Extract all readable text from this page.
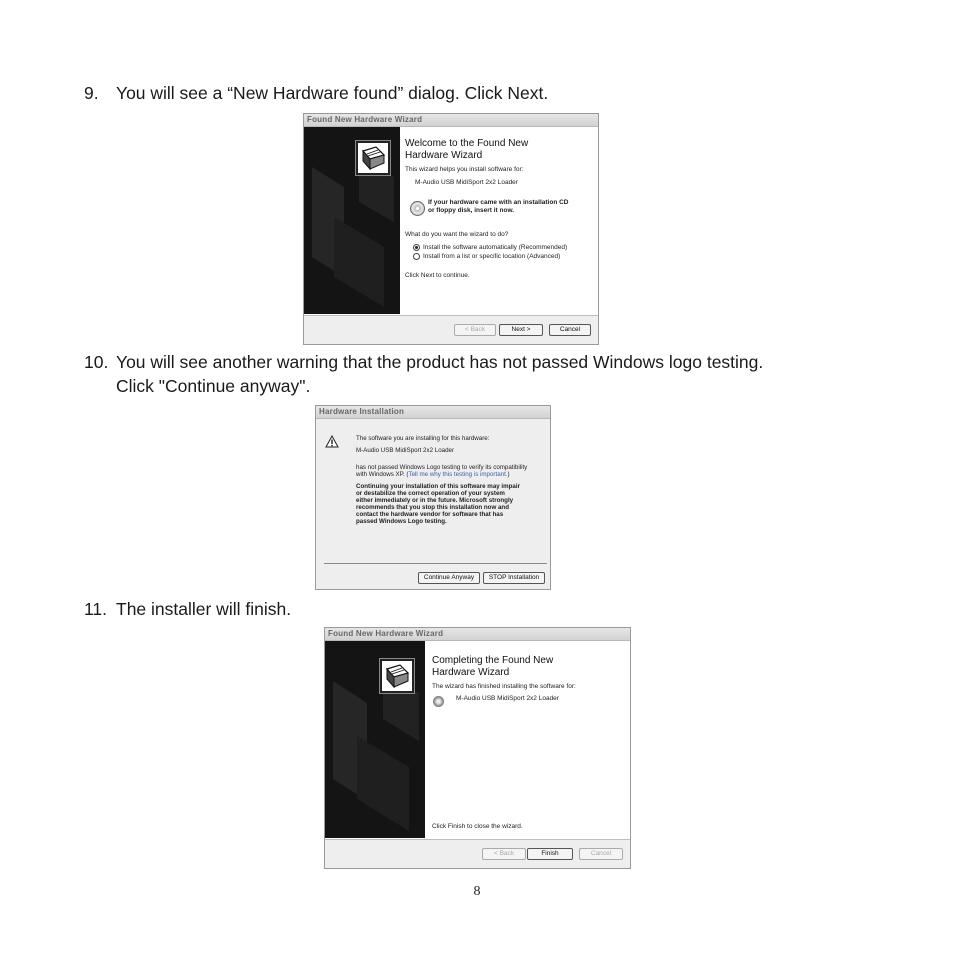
9. You will see a “New Hardware found” dialog. Click Next.
Found New Hardware Wizard
Welcome to the Found New
Hardware Wizard
This wizard helps you install software for:
M-Audio USB MidiSport 2x2 Loader
If your hardware came with an installation CD
or floppy disk, insert it now.
What do you want the wizard to do?
Install the software automatically (Recommended)
Install from a list or specific location (Advanced)
Click Next to continue.
< Back	Next >	Cancel
10. You will see another warning that the product has not passed Windows logo testing.
Click "Continue anyway".
Hardware Installation
The software you are installing for this hardware:
M-Audio USB MidiSport 2x2 Loader
has not passed Windows Logo testing to verify its compatibility
with Windows XP. (Tell me why this testing is important.)
Continuing your installation of this software may impair
or destabilize the correct operation of your system
either immediately or in the future. Microsoft strongly
recommends that you stop this installation now and
contact the hardware vendor for software that has
passed Windows Logo testing.
Continue Anyway	STOP Installation
11. The installer will finish.
Found New Hardware Wizard
Completing the Found New
Hardware Wizard
The wizard has finished installing the software for:
M-Audio USB MidiSport 2x2 Loader
Click Finish to close the wizard.
< Back	Finish	Cancel
8
